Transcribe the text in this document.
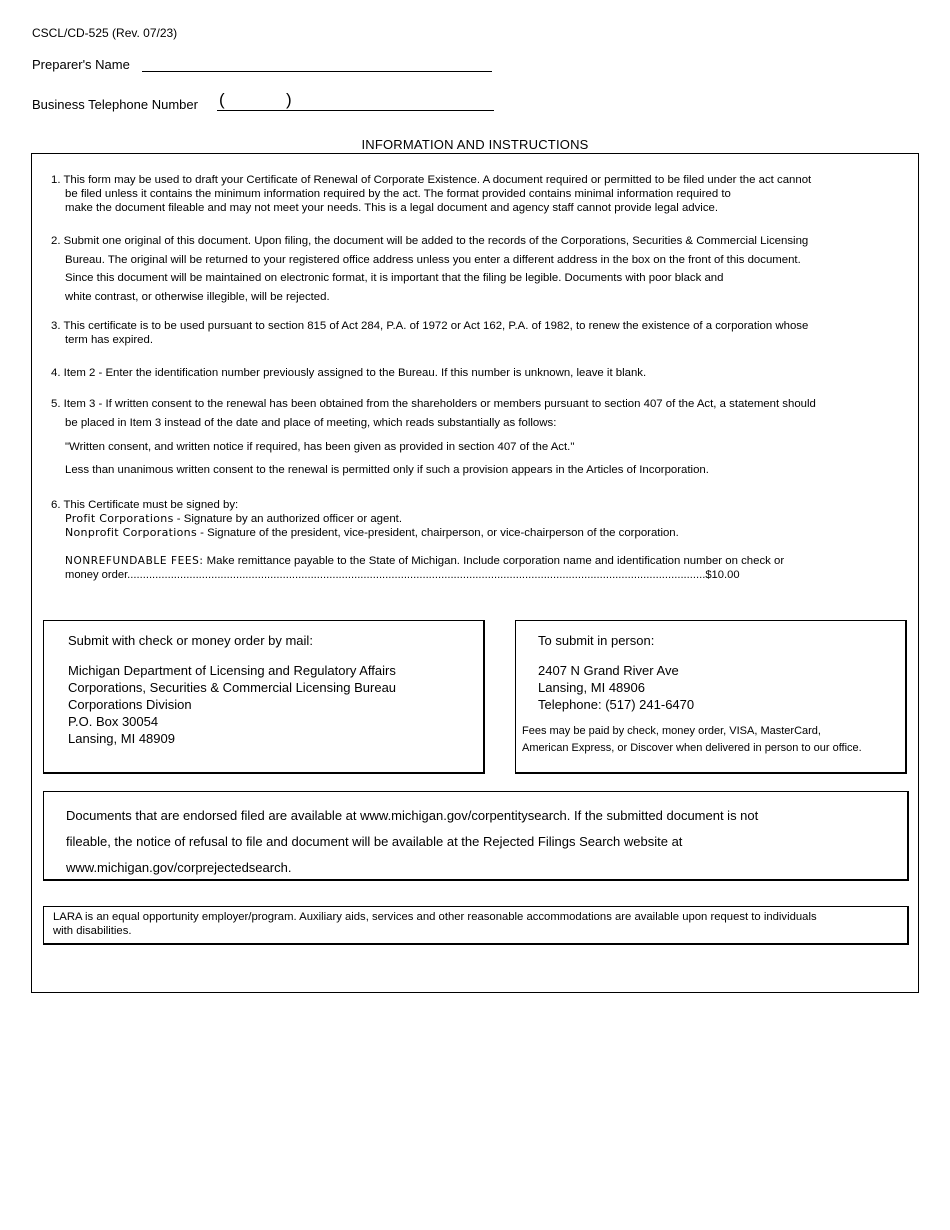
CSCL/CD-525 (Rev. 07/23)
Preparer's Name
Business Telephone Number (	)
INFORMATION AND INSTRUCTIONS
1. This form may be used to draft your Certificate of Renewal of Corporate Existence. A document required or permitted to be filed under the act cannot
be filed unless it contains the minimum information required by the act. The format provided contains minimal information required to
make the document fileable and may not meet your needs. This is a legal document and agency staff cannot provide legal advice.
2. Submit one original of this document. Upon filing, the document will be added to the records of the Corporations, Securities & Commercial Licensing
Bureau. The original will be returned to your registered office address unless you enter a different address in the box on the front of this document.
Since this document will be maintained on electronic format, it is important that the filing be legible. Documents with poor black and
white contrast, or otherwise illegible, will be rejected.
3. This certificate is to be used pursuant to section 815 of Act 284, P.A. of 1972 or Act 162, P.A. of 1982, to renew the existence of a corporation whose
term has expired.
4. Item 2 - Enter the identification number previously assigned to the Bureau. If this number is unknown, leave it blank.
5. Item 3 - If written consent to the renewal has been obtained from the shareholders or members pursuant to section 407 of the Act, a statement should
be placed in Item 3 instead of the date and place of meeting, which reads substantially as follows:
"Written consent, and written notice if required, has been given as provided in section 407 of the Act."
Less than unanimous written consent to the renewal is permitted only if such a provision appears in the Articles of Incorporation.
6. This Certificate must be signed by:
Profit Corporations - Signature by an authorized officer or agent.
Nonprofit Corporations - Signature of the president, vice-president, chairperson, or vice-chairperson of the corporation.
NONREFUNDABLE FEES: Make remittance payable to the State of Michigan. Include corporation name and identification number on check or
money order..........................................................................................................................................................................................$10.00
Submit with check or money order by mail:
Michigan Department of Licensing and Regulatory Affairs
Corporations, Securities & Commercial Licensing Bureau
Corporations Division
P.O. Box 30054
Lansing, MI 48909
To submit in person:
2407 N Grand River Ave
Lansing, MI 48906
Telephone: (517) 241-6470
Fees may be paid by check, money order, VISA, MasterCard,
American Express, or Discover when delivered in person to our office.
Documents that are endorsed filed are available at www.michigan.gov/corpentitysearch. If the submitted document is not
fileable, the notice of refusal to file and document will be available at the Rejected Filings Search website at
www.michigan.gov/corprejectedsearch.
LARA is an equal opportunity employer/program. Auxiliary aids, services and other reasonable accommodations are available upon request to individuals
with disabilities.
